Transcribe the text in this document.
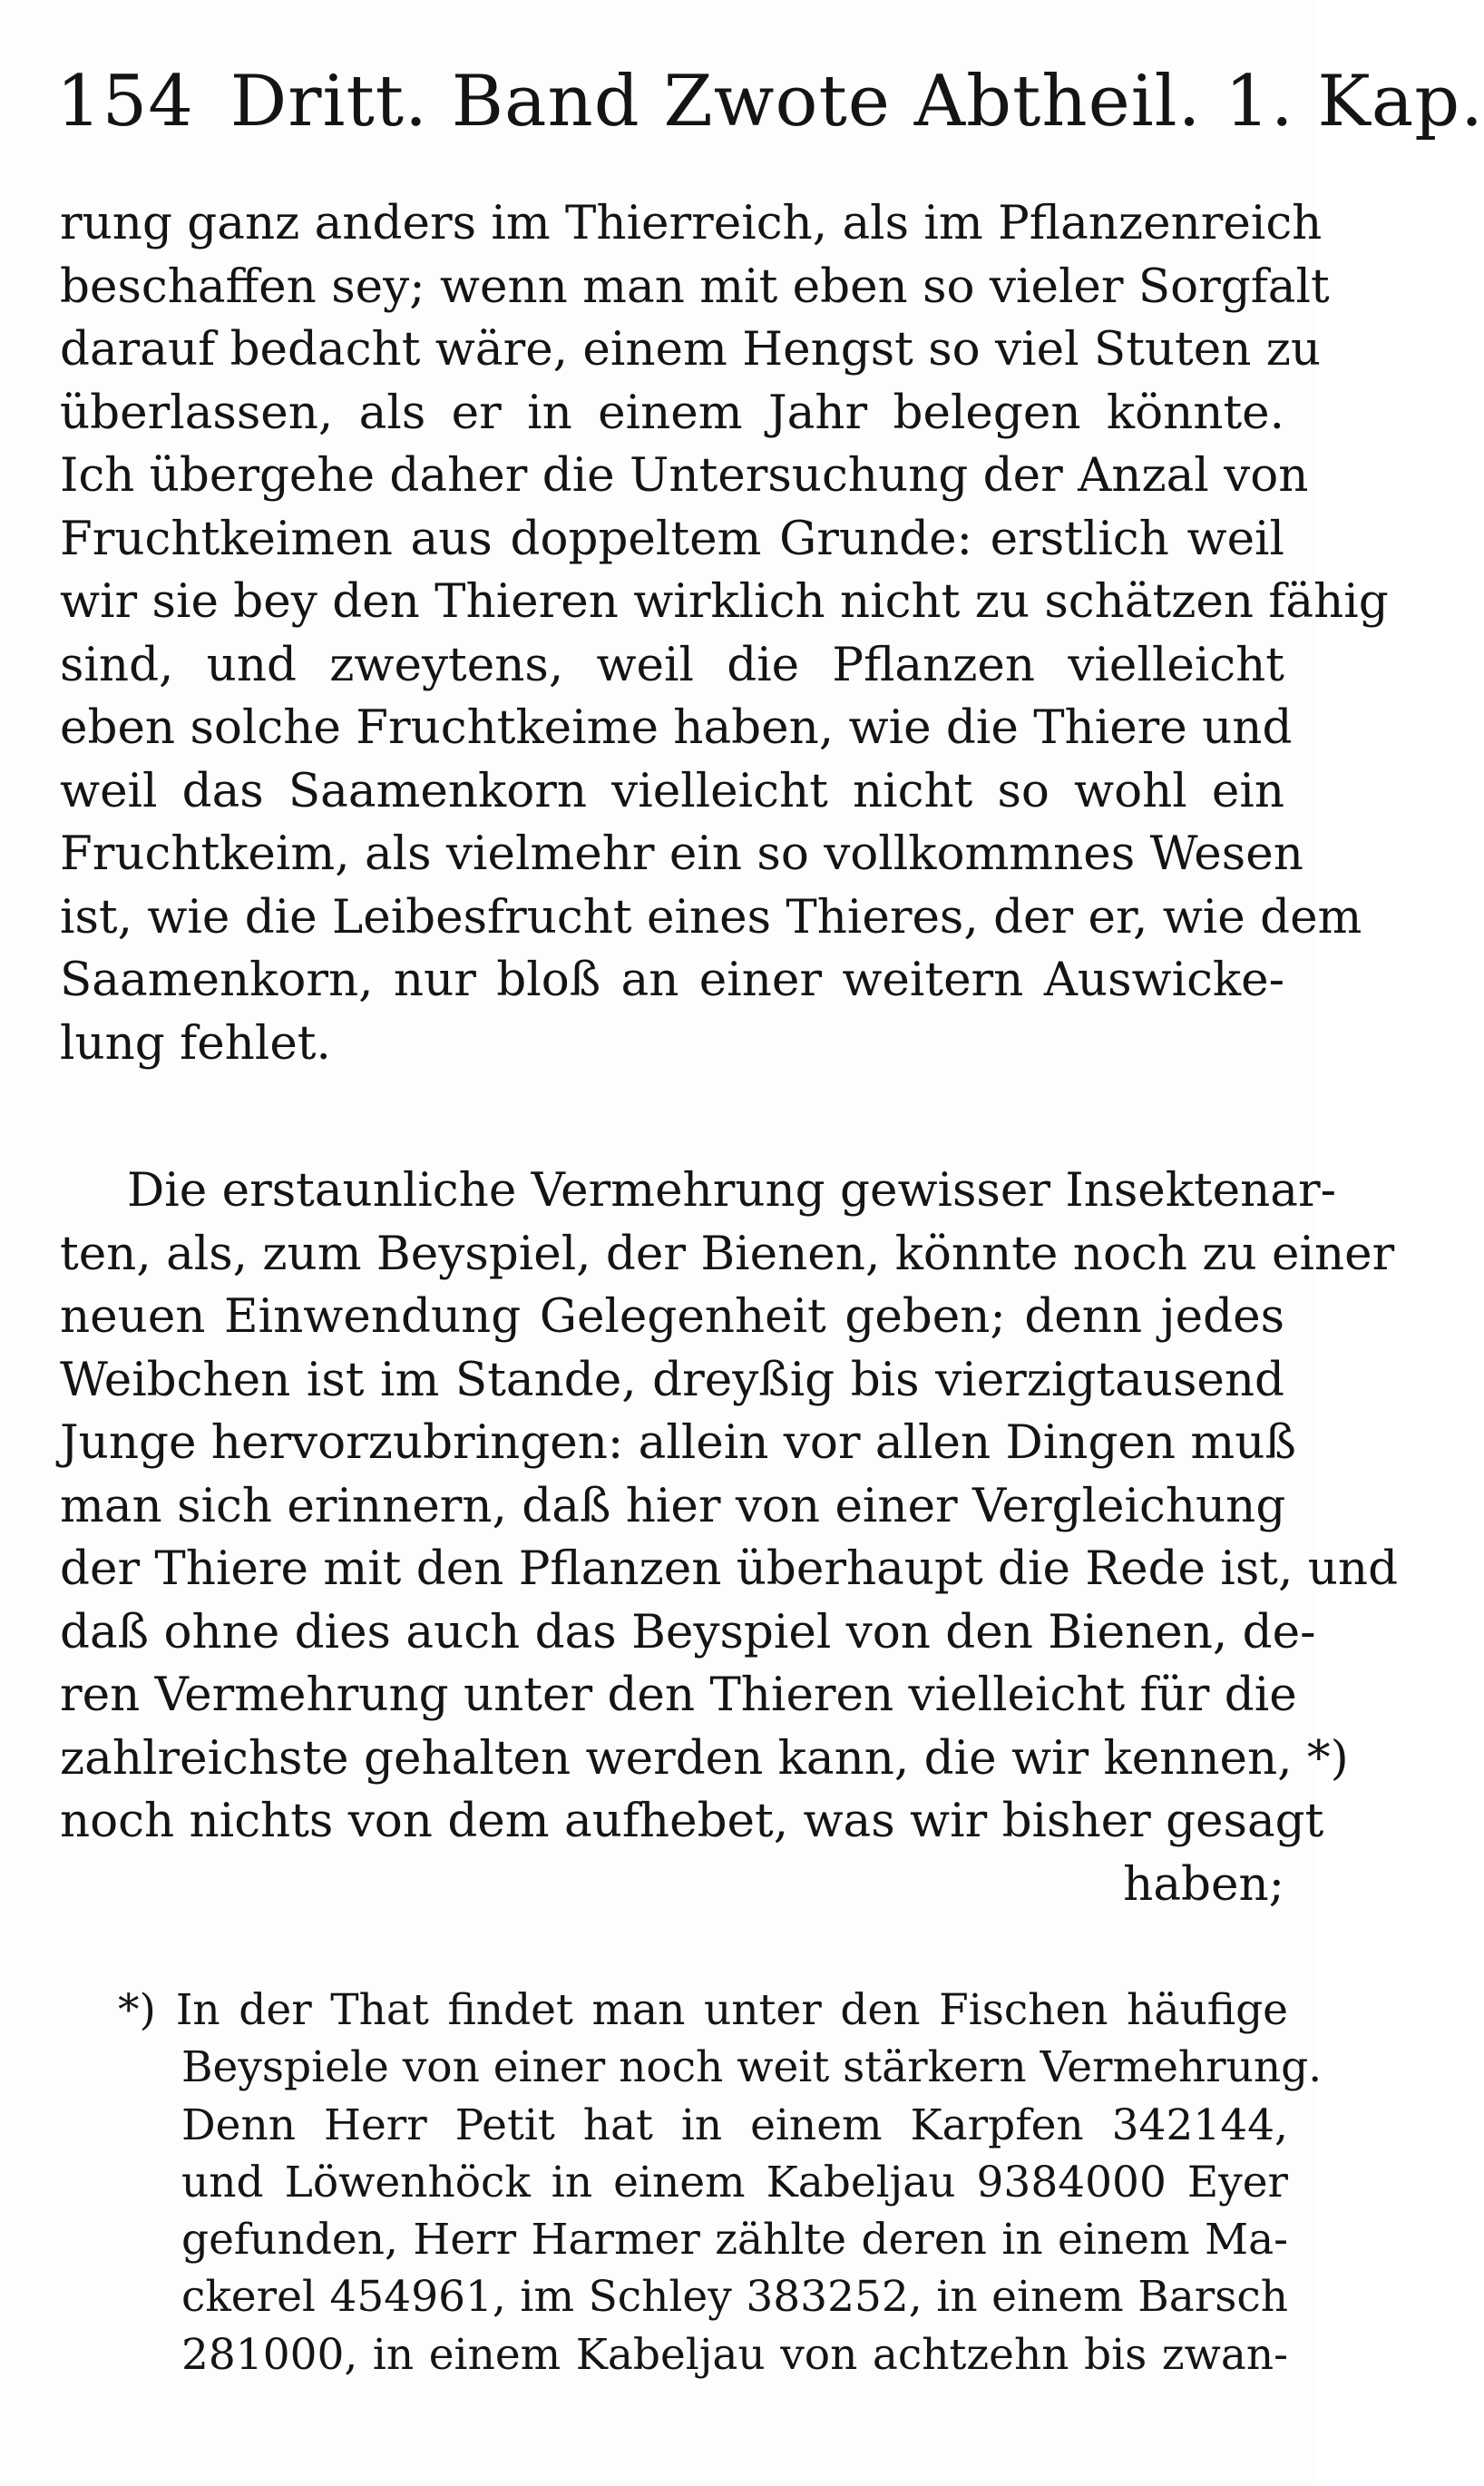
154 Dritt. Band Zwote Abtheil. 1. Kap.
rung ganz anders im Thierreich, als im Pflanzenreich
beschaffen sey; wenn man mit eben so vieler Sorgfalt
darauf bedacht wäre, einem Hengst so viel Stuten zu
überlassen, als er in einem Jahr belegen könnte.
Ich übergehe daher die Untersuchung der Anzal von
Fruchtkeimen aus doppeltem Grunde: erstlich weil
wir sie bey den Thieren wirklich nicht zu schätzen fähig
sind, und zweytens, weil die Pflanzen vielleicht
eben solche Fruchtkeime haben, wie die Thiere und
weil das Saamenkorn vielleicht nicht so wohl ein
Fruchtkeim, als vielmehr ein so vollkommnes Wesen
ist, wie die Leibesfrucht eines Thieres, der er, wie dem
Saamenkorn, nur bloß an einer weitern Auswicke-
lung fehlet.
Die erstaunliche Vermehrung gewisser Insektenar-
ten, als, zum Beyspiel, der Bienen, könnte noch zu einer
neuen Einwendung Gelegenheit geben; denn jedes
Weibchen ist im Stande, dreyßig bis vierzigtausend
Junge hervorzubringen: allein vor allen Dingen muß
man sich erinnern, daß hier von einer Vergleichung
der Thiere mit den Pflanzen überhaupt die Rede ist, und
daß ohne dies auch das Beyspiel von den Bienen, de-
ren Vermehrung unter den Thieren vielleicht für die
zahlreichste gehalten werden kann, die wir kennen, *)
noch nichts von dem aufhebet, was wir bisher gesagt
haben;
*) In der That findet man unter den Fischen häufige
Beyspiele von einer noch weit stärkern Vermehrung.
Denn Herr Petit hat in einem Karpfen 342144,
und Löwenhöck in einem Kabeljau 9384000 Eyer
gefunden, Herr Harmer zählte deren in einem Ma-
ckerel 454961, im Schley 383252, in einem Barsch
281000, in einem Kabeljau von achtzehn bis zwan-
